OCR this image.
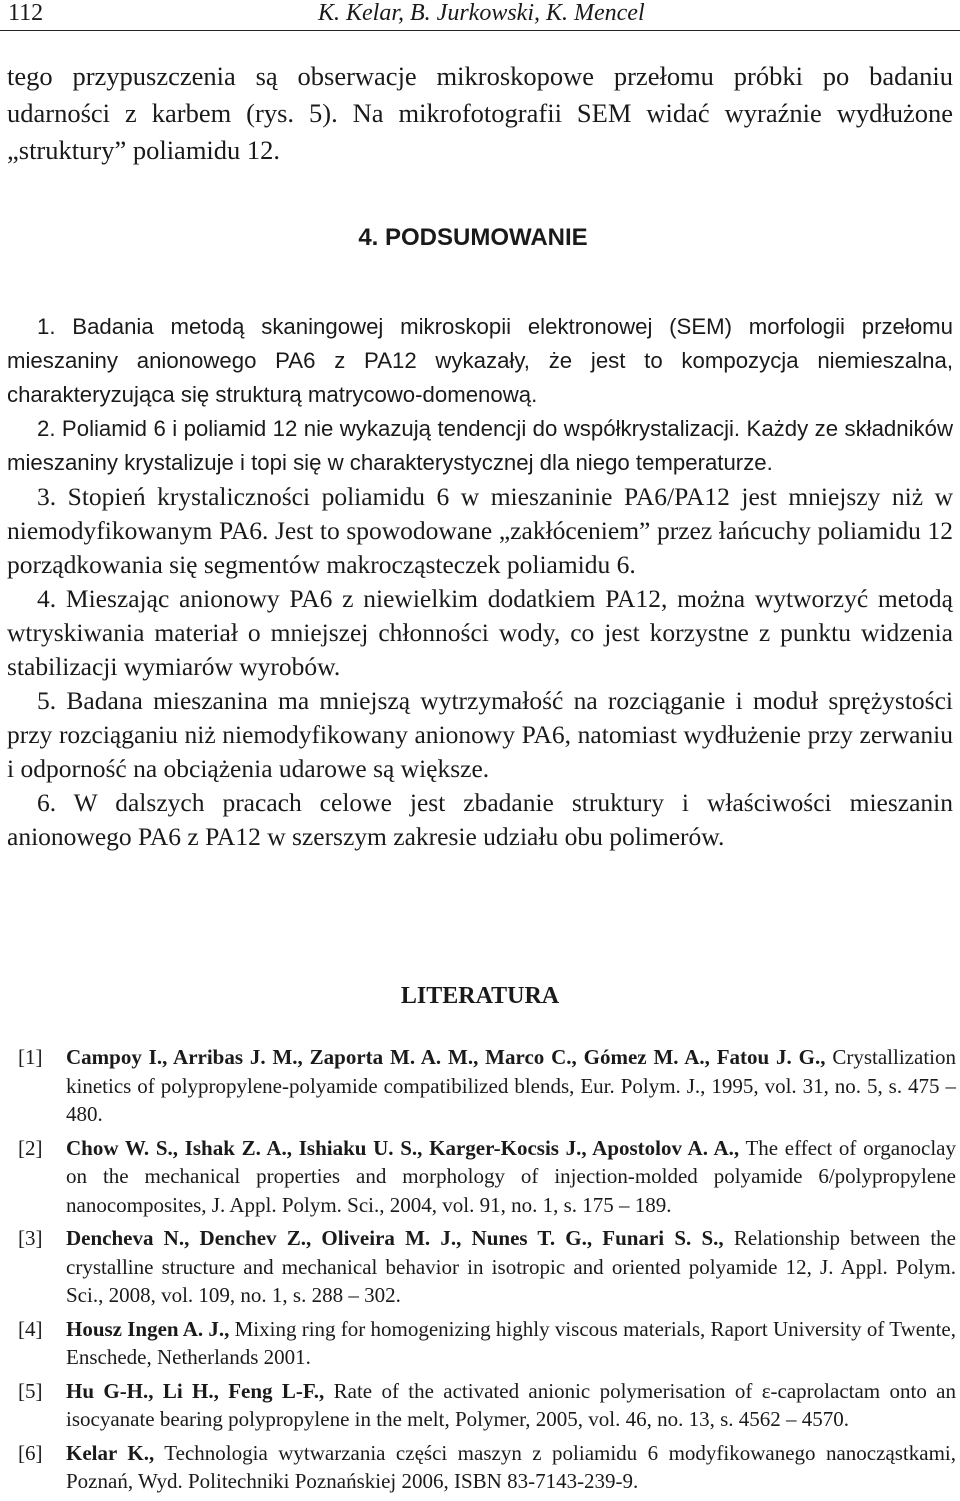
112	K. Kelar, B. Jurkowski, K. Mencel

tego przypuszczenia są obserwacje mikroskopowe przełomu próbki po badaniu udarności z karbem (rys. 5). Na mikrofotografii SEM widać wyraźnie wydłużone „struktury” poliamidu 12.

4. PODSUMOWANIE

1. Badania metodą skaningowej mikroskopii elektronowej (SEM) morfologii przełomu mieszaniny anionowego PA6 z PA12 wykazały, że jest to kompozycja niemieszalna, charakteryzująca się strukturą matrycowo-domenową.

2. Poliamid 6 i poliamid 12 nie wykazują tendencji do współkrystalizacji. Każdy ze składników mieszaniny krystalizuje i topi się w charakterystycznej dla niego temperaturze.

3. Stopień krystaliczności poliamidu 6 w mieszaninie PA6/PA12 jest mniejszy niż w niemodyfikowanym PA6. Jest to spowodowane „zakłóceniem” przez łańcuchy poliamidu 12 porządkowania się segmentów makrocząsteczek poliamidu 6.

4. Mieszając anionowy PA6 z niewielkim dodatkiem PA12, można wytworzyć metodą wtryskiwania materiał o mniejszej chłonności wody, co jest korzystne z punktu widzenia stabilizacji wymiarów wyrobów.

5. Badana mieszanina ma mniejszą wytrzymałość na rozciąganie i moduł sprężystości przy rozciąganiu niż niemodyfikowany anionowy PA6, natomiast wydłużenie przy zerwaniu i odporność na obciążenia udarowe są większe.

6. W dalszych pracach celowe jest zbadanie struktury i właściwości mieszanin anionowego PA6 z PA12 w szerszym zakresie udziału obu polimerów.

LITERATURA
[1] Campoy I., Arribas J. M., Zaporta M. A. M., Marco C., Gómez M. A., Fatou J. G., Crystallization kinetics of polypropylene-polyamide compatibilized blends, Eur. Polym. J., 1995, vol. 31, no. 5, s. 475 – 480.
[2] Chow W. S., Ishak Z. A., Ishiaku U. S., Karger-Kocsis J., Apostolov A. A., The effect of organoclay on the mechanical properties and morphology of injection-molded polyamide 6/polypropylene nanocomposites, J. Appl. Polym. Sci., 2004, vol. 91, no. 1, s. 175 – 189.
[3] Dencheva N., Denchev Z., Oliveira M. J., Nunes T. G., Funari S. S., Relationship between the crystalline structure and mechanical behavior in isotropic and oriented polyamide 12, J. Appl. Polym. Sci., 2008, vol. 109, no. 1, s. 288 – 302.
[4] Housz Ingen A. J., Mixing ring for homogenizing highly viscous materials, Raport University of Twente, Enschede, Netherlands 2001.
[5] Hu G-H., Li H., Feng L-F., Rate of the activated anionic polymerisation of ε-caprolactam onto an isocyanate bearing polypropylene in the melt, Polymer, 2005, vol. 46, no. 13, s. 4562 – 4570.
[6] Kelar K., Technologia wytwarzania części maszyn z poliamidu 6 modyfikowanego nanocząstkami, Poznań, Wyd. Politechniki Poznańskiej 2006, ISBN 83-7143-239-9.
